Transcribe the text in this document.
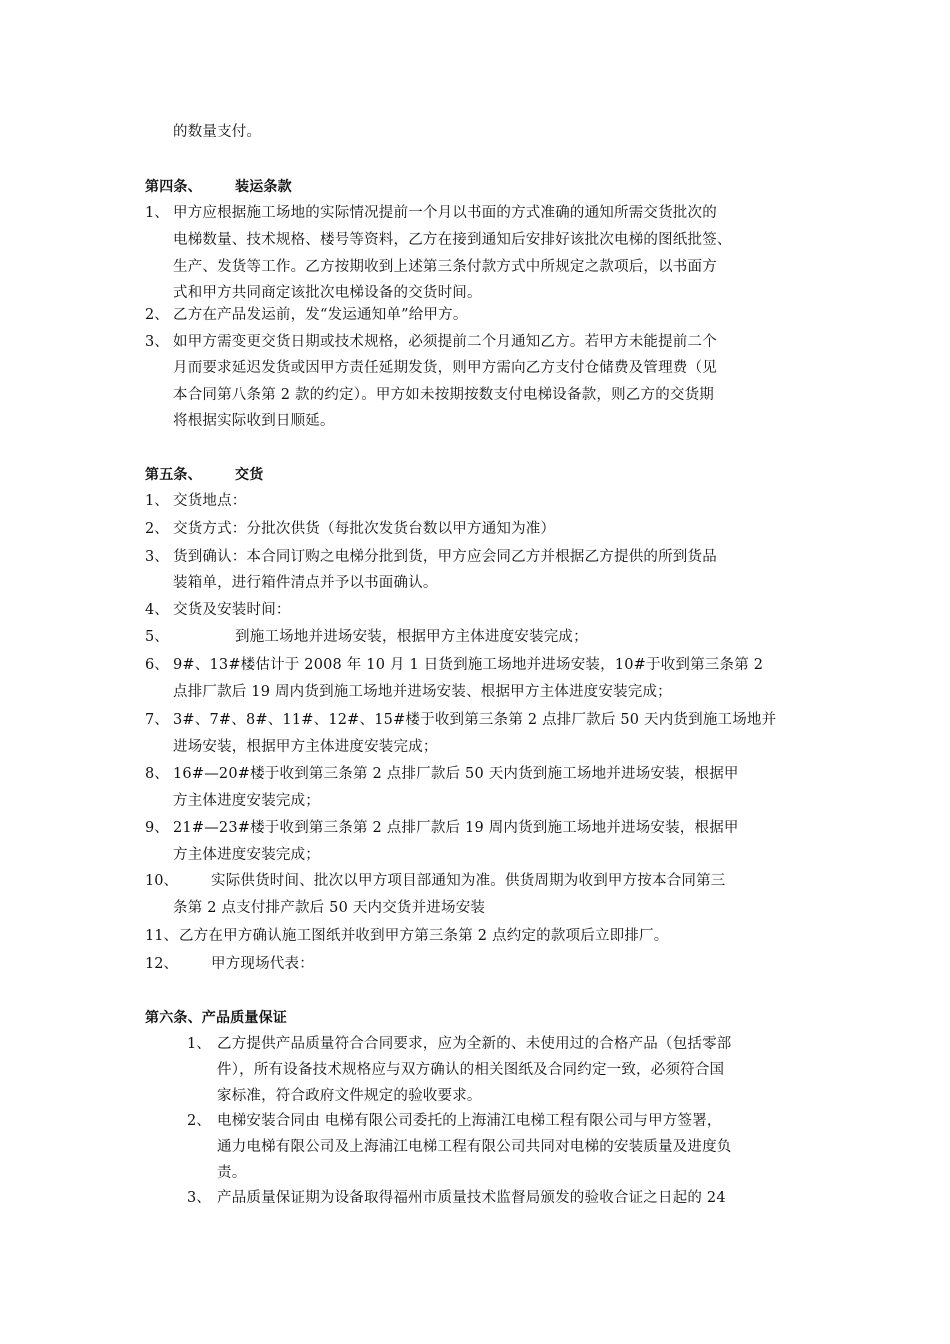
的数量支付。
第四条、 装运条款
1、 甲方应根据施工场地的实际情况提前一个月以书面的方式准确的通知所需交货批次的
电梯数量、技术规格、楼号等资料，乙方在接到通知后安排好该批次电梯的图纸批签、
生产、发货等工作。乙方按期收到上述第三条付款方式中所规定之款项后，以书面方
式和甲方共同商定该批次电梯设备的交货时间。
2、 乙方在产品发运前，发“发运通知单”给甲方。
3、 如甲方需变更交货日期或技术规格，必须提前二个月通知乙方。若甲方未能提前二个
月而要求延迟发货或因甲方责任延期发货，则甲方需向乙方支付仓储费及管理费（见
本合同第八条第 2 款的约定）。甲方如未按期按数支付电梯设备款，则乙方的交货期
将根据实际收到日顺延。
第五条、 交货
1、 交货地点：
2、 交货方式：分批次供货（每批次发货台数以甲方通知为准）
3、 货到确认：本合同订购之电梯分批到货，甲方应会同乙方并根据乙方提供的所到货品
装箱单，进行箱件清点并予以书面确认。
4、 交货及安装时间：
5、	到施工场地并进场安装，根据甲方主体进度安装完成；
6、 9#、13#楼估计于 2008 年 10 月 1 日货到施工场地并进场安装，10#于收到第三条第 2
点排厂款后 19 周内货到施工场地并进场安装、根据甲方主体进度安装完成；
7、 3#、7#、8#、11#、12#、15#楼于收到第三条第 2 点排厂款后 50 天内货到施工场地并
进场安装，根据甲方主体进度安装完成；
8、 16#—20#楼于收到第三条第 2 点排厂款后 50 天内货到施工场地并进场安装，根据甲
方主体进度安装完成；
9、 21#—23#楼于收到第三条第 2 点排厂款后 19 周内货到施工场地并进场安装，根据甲
方主体进度安装完成；
10、 实际供货时间、批次以甲方项目部通知为准。供货周期为收到甲方按本合同第三
条第 2 点支付排产款后 50 天内交货并进场安装
11、 乙方在甲方确认施工图纸并收到甲方第三条第 2 点约定的款项后立即排厂。
12、 甲方现场代表：
第六条、产品质量保证
1、 乙方提供产品质量符合合同要求，应为全新的、未使用过的合格产品（包括零部
件），所有设备技术规格应与双方确认的相关图纸及合同约定一致，必须符合国
家标准，符合政府文件规定的验收要求。
2、 电梯安装合同由 电梯有限公司委托的上海浦江电梯工程有限公司与甲方签署，
通力电梯有限公司及上海浦江电梯工程有限公司共同对电梯的安装质量及进度负
责。
3、 产品质量保证期为设备取得福州市质量技术监督局颁发的验收合证之日起的 24
